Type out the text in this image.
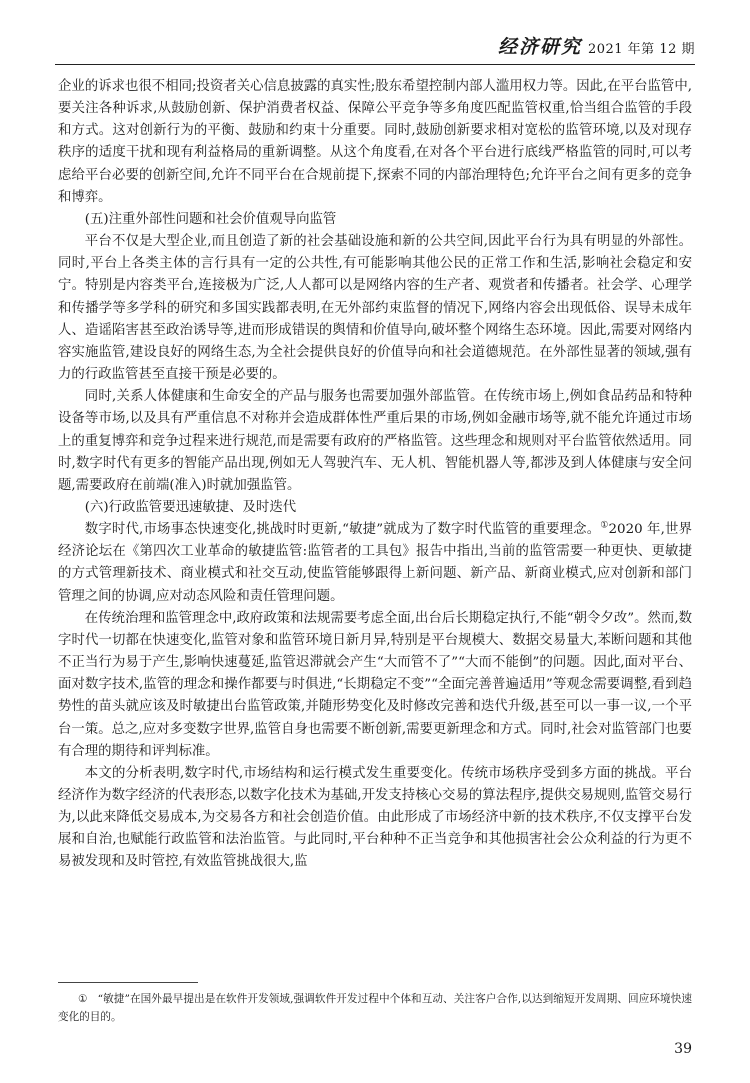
经济研究 2021 年第 12 期

企业的诉求也很不相同;投资者关心信息披露的真实性;股东希望控制内部人滥用权力等。因此,在平台监管中,要关注各种诉求,从鼓励创新、保护消费者权益、保障公平竞争等多角度匹配监管权重,恰当组合监管的手段和方式。这对创新行为的平衡、鼓励和约束十分重要。同时,鼓励创新要求相对宽松的监管环境,以及对现存秩序的适度干扰和现有利益格局的重新调整。从这个角度看,在对各个平台进行底线严格监管的同时,可以考虑给平台必要的创新空间,允许不同平台在合规前提下,探索不同的内部治理特色;允许平台之间有更多的竞争和博弈。

(五)注重外部性问题和社会价值观导向监管

平台不仅是大型企业,而且创造了新的社会基础设施和新的公共空间,因此平台行为具有明显的外部性。同时,平台上各类主体的言行具有一定的公共性,有可能影响其他公民的正常工作和生活,影响社会稳定和安宁。特别是内容类平台,连接极为广泛,人人都可以是网络内容的生产者、观赏者和传播者。社会学、心理学和传播学等多学科的研究和多国实践都表明,在无外部约束监督的情况下,网络内容会出现低俗、误导未成年人、造谣陷害甚至政治诱导等,进而形成错误的舆情和价值导向,破坏整个网络生态环境。因此,需要对网络内容实施监管,建设良好的网络生态,为全社会提供良好的价值导向和社会道德规范。在外部性显著的领域,强有力的行政监管甚至直接干预是必要的。

同时,关系人体健康和生命安全的产品与服务也需要加强外部监管。在传统市场上,例如食品药品和特种设备等市场,以及具有严重信息不对称并会造成群体性严重后果的市场,例如金融市场等,就不能允许通过市场上的重复博弈和竞争过程来进行规范,而是需要有政府的严格监管。这些理念和规则对平台监管依然适用。同时,数字时代有更多的智能产品出现,例如无人驾驶汽车、无人机、智能机器人等,都涉及到人体健康与安全问题,需要政府在前端(准入)时就加强监管。

(六)行政监管要迅速敏捷、及时迭代

数字时代,市场事态快速变化,挑战时时更新,“敏捷”就成为了数字时代监管的重要理念。①2020 年,世界经济论坛在《第四次工业革命的敏捷监管:监管者的工具包》报告中指出,当前的监管需要一种更快、更敏捷的方式管理新技术、商业模式和社交互动,使监管能够跟得上新问题、新产品、新商业模式,应对创新和部门管理之间的协调,应对动态风险和责任管理问题。

在传统治理和监管理念中,政府政策和法规需要考虑全面,出台后长期稳定执行,不能“朝令夕改”。然而,数字时代一切都在快速变化,监管对象和监管环境日新月异,特别是平台规模大、数据交易量大,苯断问题和其他不正当行为易于产生,影响快速蔓延,监管迟滞就会产生“大而管不了”“大而不能倒”的问题。因此,面对平台、面对数字技术,监管的理念和操作都要与时俱进,“长期稳定不变”“全面完善普遍适用”等观念需要调整,看到趋势性的苗头就应该及时敏捷出台监管政策,并随形势变化及时修改完善和迭代升级,甚至可以一事一议,一个平台一策。总之,应对多变数字世界,监管自身也需要不断创新,需要更新理念和方式。同时,社会对监管部门也要有合理的期待和评判标准。

本文的分析表明,数字时代,市场结构和运行模式发生重要变化。传统市场秩序受到多方面的挑战。平台经济作为数字经济的代表形态,以数字化技术为基础,开发支持核心交易的算法程序,提供交易规则,监管交易行为,以此来降低交易成本,为交易各方和社会创造价值。由此形成了市场经济中新的技术秩序,不仅支撑平台发展和自治,也赋能行政监管和法治监管。与此同时,平台种种不正当竞争和其他损害社会公众利益的行为更不易被发现和及时管控,有效监管挑战很大,监

① “敏捷”在国外最早提出是在软件开发领域,强调软件开发过程中个体和互动、关注客户合作,以达到缩短开发周期、回应环境快速变化的目的。
39
